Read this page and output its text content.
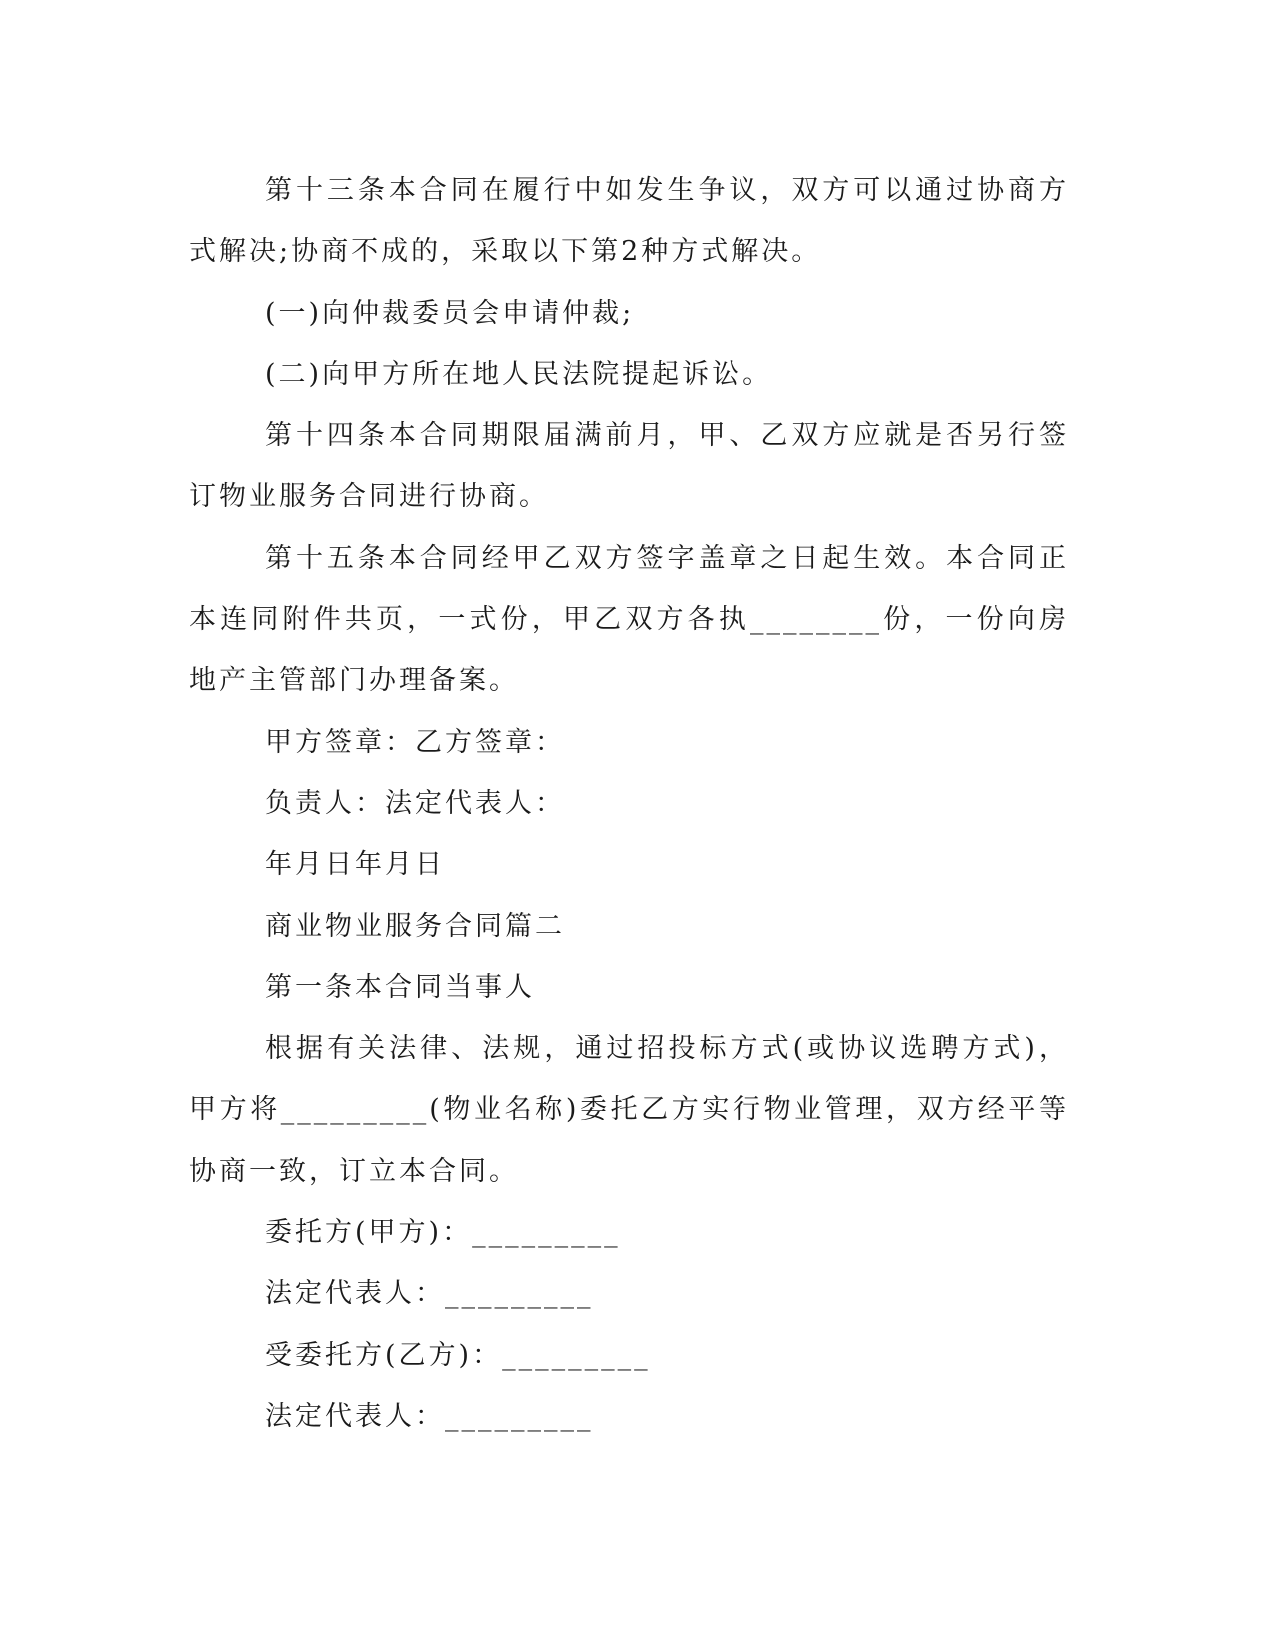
第十三条本合同在履行中如发生争议，双方可以通过协商方式解决;协商不成的，采取以下第2种方式解决。

(一)向仲裁委员会申请仲裁;

(二)向甲方所在地人民法院提起诉讼。

第十四条本合同期限届满前月，甲、乙双方应就是否另行签订物业服务合同进行协商。

第十五条本合同经甲乙双方签字盖章之日起生效。本合同正本连同附件共页，一式份，甲乙双方各执________份，一份向房地产主管部门办理备案。

甲方签章：乙方签章：

负责人：法定代表人：

年月日年月日

商业物业服务合同篇二

第一条本合同当事人

根据有关法律、法规，通过招投标方式(或协议选聘方式)，甲方将_________(物业名称)委托乙方实行物业管理，双方经平等协商一致，订立本合同。

委托方(甲方)：_________

法定代表人：_________

受委托方(乙方)：_________

法定代表人：_________
